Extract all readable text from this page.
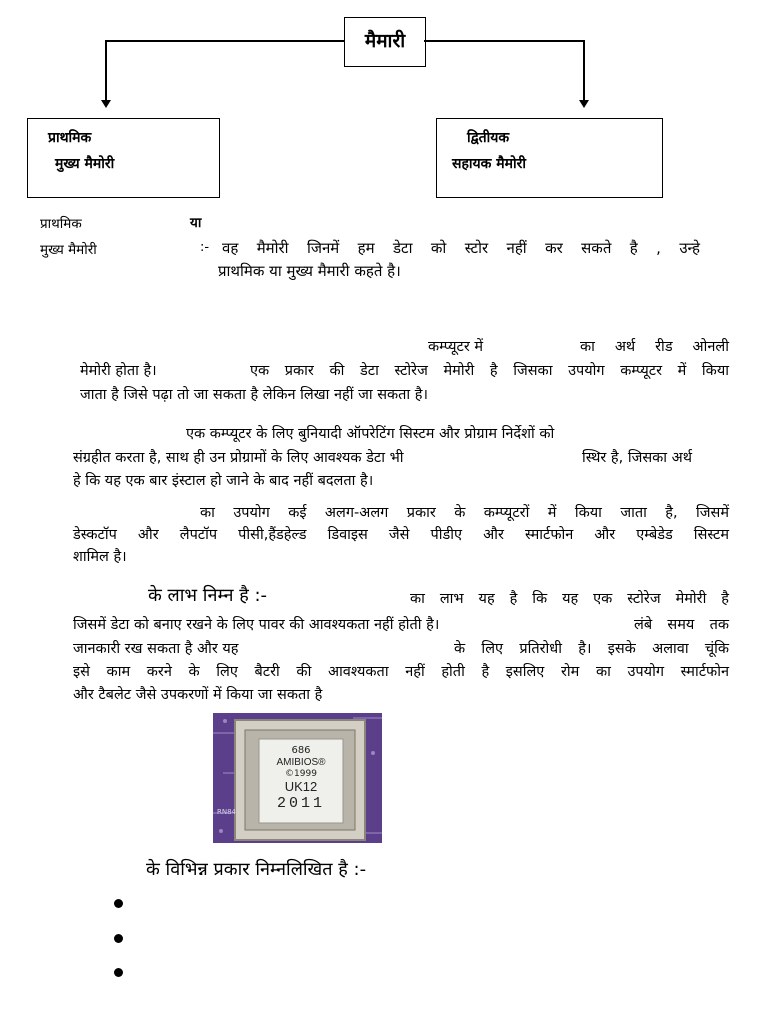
मैमारी
प्राथमिक
मुख्य मैमोरी
द्वितीयक
सहायक मैमोरी
प्राथमिक	या
मुख्य मैमोरी	:- वह मैमोरी जिनमें हम डेटा को स्टोर नहीं कर सकते है , उन्हे
प्राथमिक या मुख्य मैमारी कहते है।
कम्प्यूटर में	का अर्थ रीड ओनली
मेमोरी होता है।	एक प्रकार की डेटा स्टोरेज मेमोरी है जिसका उपयोग कम्प्यूटर में किया
जाता है जिसे पढ़ा तो जा सकता है लेकिन लिखा नहीं जा सकता है।
एक कम्प्यूटर के लिए बुनियादी ऑपरेटिंग सिस्टम और प्रोग्राम निर्देशों को
संग्रहीत करता है, साथ ही उन प्रोग्रामों के लिए आवश्यक डेटा भी	स्थिर है, जिसका अर्थ
हे कि यह एक बार इंस्टाल हो जाने के बाद नहीं बदलता है।
का उपयोग कई अलग-अलग प्रकार के कम्प्यूटरों में किया जाता है, जिसमें
डेस्कटॉप और लैपटॉप पीसी,हैंडहेल्ड डिवाइस जैसे पीडीए और स्मार्टफोन और एम्बेडेड सिस्टम
शामिल है।
के लाभ निम्न है :-	का लाभ यह है कि यह एक स्टोरेज मेमोरी है
जिसमें डेटा को बनाए रखने के लिए पावर की आवश्यकता नहीं होती है।	लंबे समय तक
जानकारी रख सकता है और यह	के लिए प्रतिरोधी है। इसके अलावा चूंकि
इसे काम करने के लिए बैटरी की आवश्यकता नहीं होती है इसलिए रोम का उपयोग स्मार्टफोन
और टैबलेट जैसे उपकरणों में किया जा सकता है
686
AMIBIOS®
©1999
UK12
2011
RN84
के विभिन्न प्रकार निम्नलिखित है :-
